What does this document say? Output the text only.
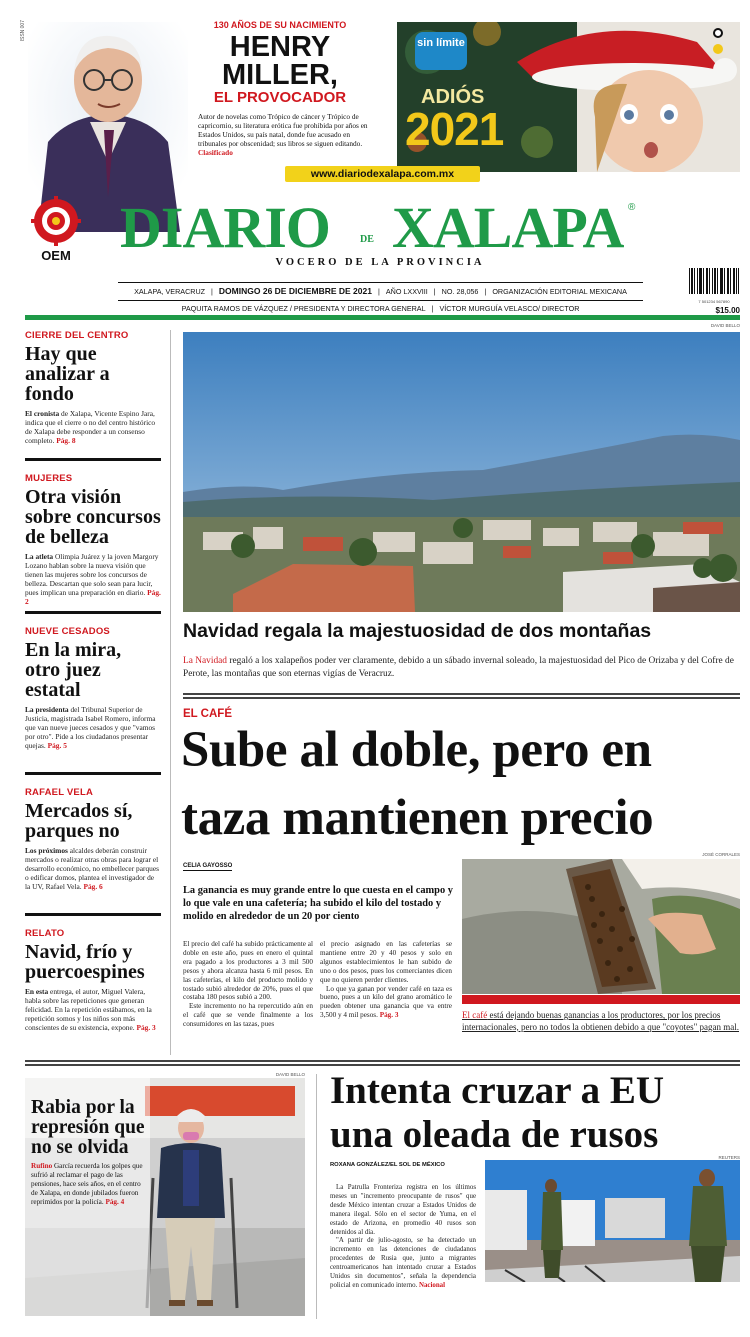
ISSN 007	130 AÑOS DE SU NACIMIENTO
HENRY
MILLER,
EL PROVOCADOR
Autor de novelas como Trópico de cáncer y Trópico de capricornio, su literatura erótica fue prohibida por años en Estados Unidos, su país natal, donde fue acusado en tribunales por obscenidad; sus libros se siguen editando. Clasificado
sin límite
ADIÓS
2021
www.diariodexalapa.com.mx
OEM DIARIO	DE XALAPA ®
VOCERO DE LA PROVINCIA
XALAPA, VERACRUZ | DOMINGO 26 DE DICIEMBRE DE 2021 | AÑO LXXVIII | NO. 28,056 | ORGANIZACIÓN EDITORIAL MEXICANA
PAQUITA RAMOS DE VÁZQUEZ / PRESIDENTA Y DIRECTORA GENERAL | VÍCTOR MURGUÍA VELASCO/ DIRECTOR
7 501234 567890
$15.00
DAVID BELLO
CIERRE DEL CENTRO
Hay que analizar a fondo
El cronista de Xalapa, Vicente Espino Jara, indica que el cierre o no del centro histórico de Xalapa debe responder a un consenso completo. Pág. 8
MUJERES
Otra visión sobre concursos de belleza
La atleta Olimpia Juárez y la joven Margory Lozano hablan sobre la nueva visión que tienen las mujeres sobre los concursos de belleza. Descartan que solo sean para lucir, pues implican una preparación en diario. Pág. 2
NUEVE CESADOS
En la mira, otro juez estatal
La presidenta del Tribunal Superior de Justicia, magistrada Isabel Romero, informa que van nueve jueces cesados y que "vamos por otro". Pide a los ciudadanos presentar quejas. Pág. 5
RAFAEL VELA
Mercados sí, parques no
Los próximos alcaldes deberán construir mercados o realizar otras obras para lograr el desarrollo económico, no embellecer parques o edificar domos, plantea el investigador de la UV, Rafael Vela. Pág. 6
RELATO
Navid, frío y puercoespines
En esta entrega, el autor, Miguel Valera, habla sobre las repeticiones que generan felicidad. En la repetición estábamos, en la repetición somos y los niños son más conscientes de su existencia, expone. Pág. 3
Navidad regala la majestuosidad de dos montañas
La Navidad regaló a los xalapeños poder ver claramente, debido a un sábado invernal soleado, la majestuosidad del Pico de Orizaba y del Cofre de Perote, las montañas que son eternas vigías de Veracruz.
EL CAFÉ
Sube al doble, pero en
taza mantienen precio
CELIA GAYOSSO
La ganancia es muy grande entre lo que cuesta en el campo y lo que vale en una cafetería; ha subido el kilo del tostado y molido en alrededor de un 20 por ciento

El precio del café ha subido prácticamente al doble en este año, pues en enero el quintal era pagado a los productores a 3 mil 500 pesos y ahora alcanza hasta 6 mil pesos. En las cafeterías, el kilo del producto molido y tostado subió alrededor de 20%, pues el que costaba 180 pesos subió a 200.

Este incremento no ha repercutido aún en el café que se vende finalmente a los consumidores en las tazas, pues

el precio asignado en las cafeterías se mantiene entre 20 y 40 pesos y solo en algunos establecimientos le han subido de uno o dos pesos, pues los comerciantes dicen que no quieren perder clientes.

Lo que ya ganan por vender café en taza es bueno, pues a un kilo del grano aromático le pueden obtener una ganancia que va entre 3,500 y 4 mil pesos. Pág. 3

JOSÉ CORRALES
El café está dejando buenas ganancias a los productores, por los precios internacionales, pero no todos la obtienen debido a que "coyotes" pagan mal.
DAVID BELLO
Rabia por la represión que no se olvida
Rufino García recuerda los golpes que sufrió al reclamar el pago de las pensiones, hace seis años, en el centro de Xalapa, en donde jubilados fueron reprimidos por la policía. Pág. 4
Intenta cruzar a EU
una oleada de rusos
ROXANA GONZÁLEZ/EL SOL DE MÉXICO
REUTERS

La Patrulla Fronteriza registra en los últimos meses un "incremento preocupante de rusos" que desde México intentan cruzar a Estados Unidos de manera ilegal. Sólo en el sector de Yuma, en el estado de Arizona, en promedio 40 rusos son detenidos al día.

"A partir de julio-agosto, se ha detectado un incremento en las detenciones de ciudadanos procedentes de Rusia que, junto a migrantes centroamericanos han intentado cruzar a Estados Unidos sin documentos", señala la dependencia policial en comunicado interno. Nacional
